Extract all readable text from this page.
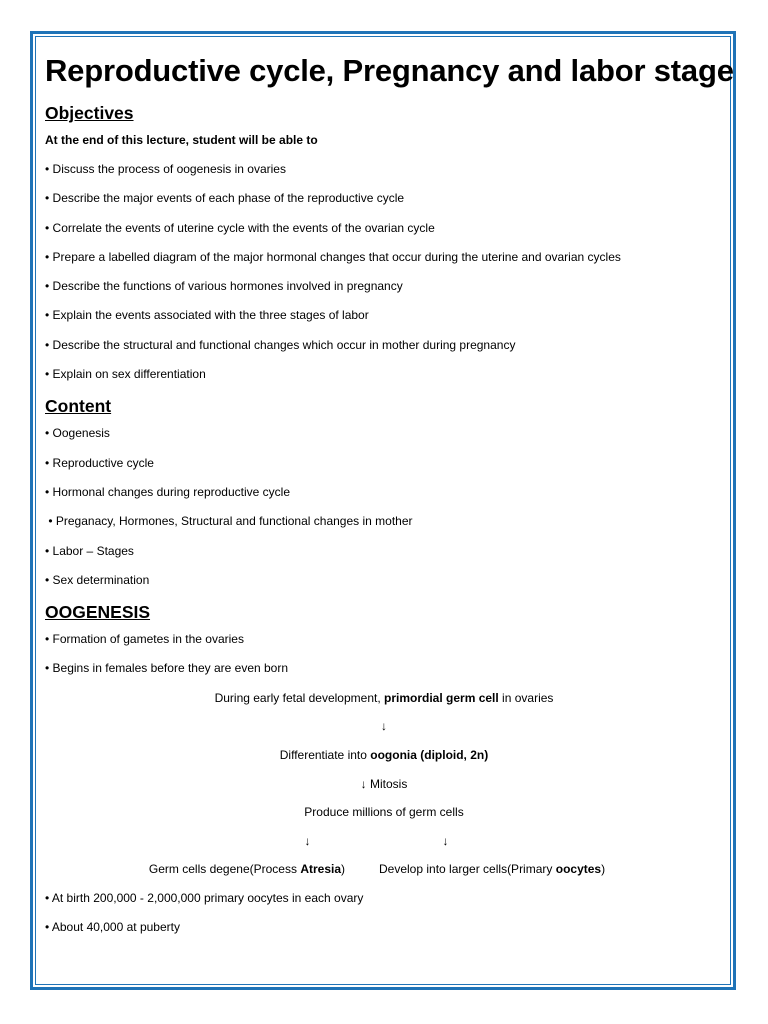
Reproductive cycle, Pregnancy and labor stage
Objectives
At the end of this lecture, student will be able to
• Discuss the process of oogenesis in ovaries
• Describe the major events of each phase of the reproductive cycle
• Correlate the events of uterine cycle with the events of the ovarian cycle
• Prepare a labelled diagram of the major hormonal changes that occur during the uterine and ovarian cycles
• Describe the functions of various hormones involved in pregnancy
• Explain the events associated with the three stages of labor
• Describe the structural and functional changes which occur in mother during pregnancy
• Explain on sex differentiation
Content
• Oogenesis
• Reproductive cycle
• Hormonal changes during reproductive cycle
• Preganacy, Hormones, Structural and functional changes in mother
• Labor – Stages
• Sex determination
OOGENESIS
• Formation of gametes in the ovaries
• Begins in females before they are even born
During early fetal development, primordial germ cell in ovaries
↓
Differentiate into oogonia (diploid, 2n)
↓ Mitosis
Produce millions of germ cells
↓	↓
Germ cells degene(Process Atresia)	Develop into larger cells(Primary oocytes)
• At birth 200,000 - 2,000,000 primary oocytes in each ovary
• About 40,000 at puberty
